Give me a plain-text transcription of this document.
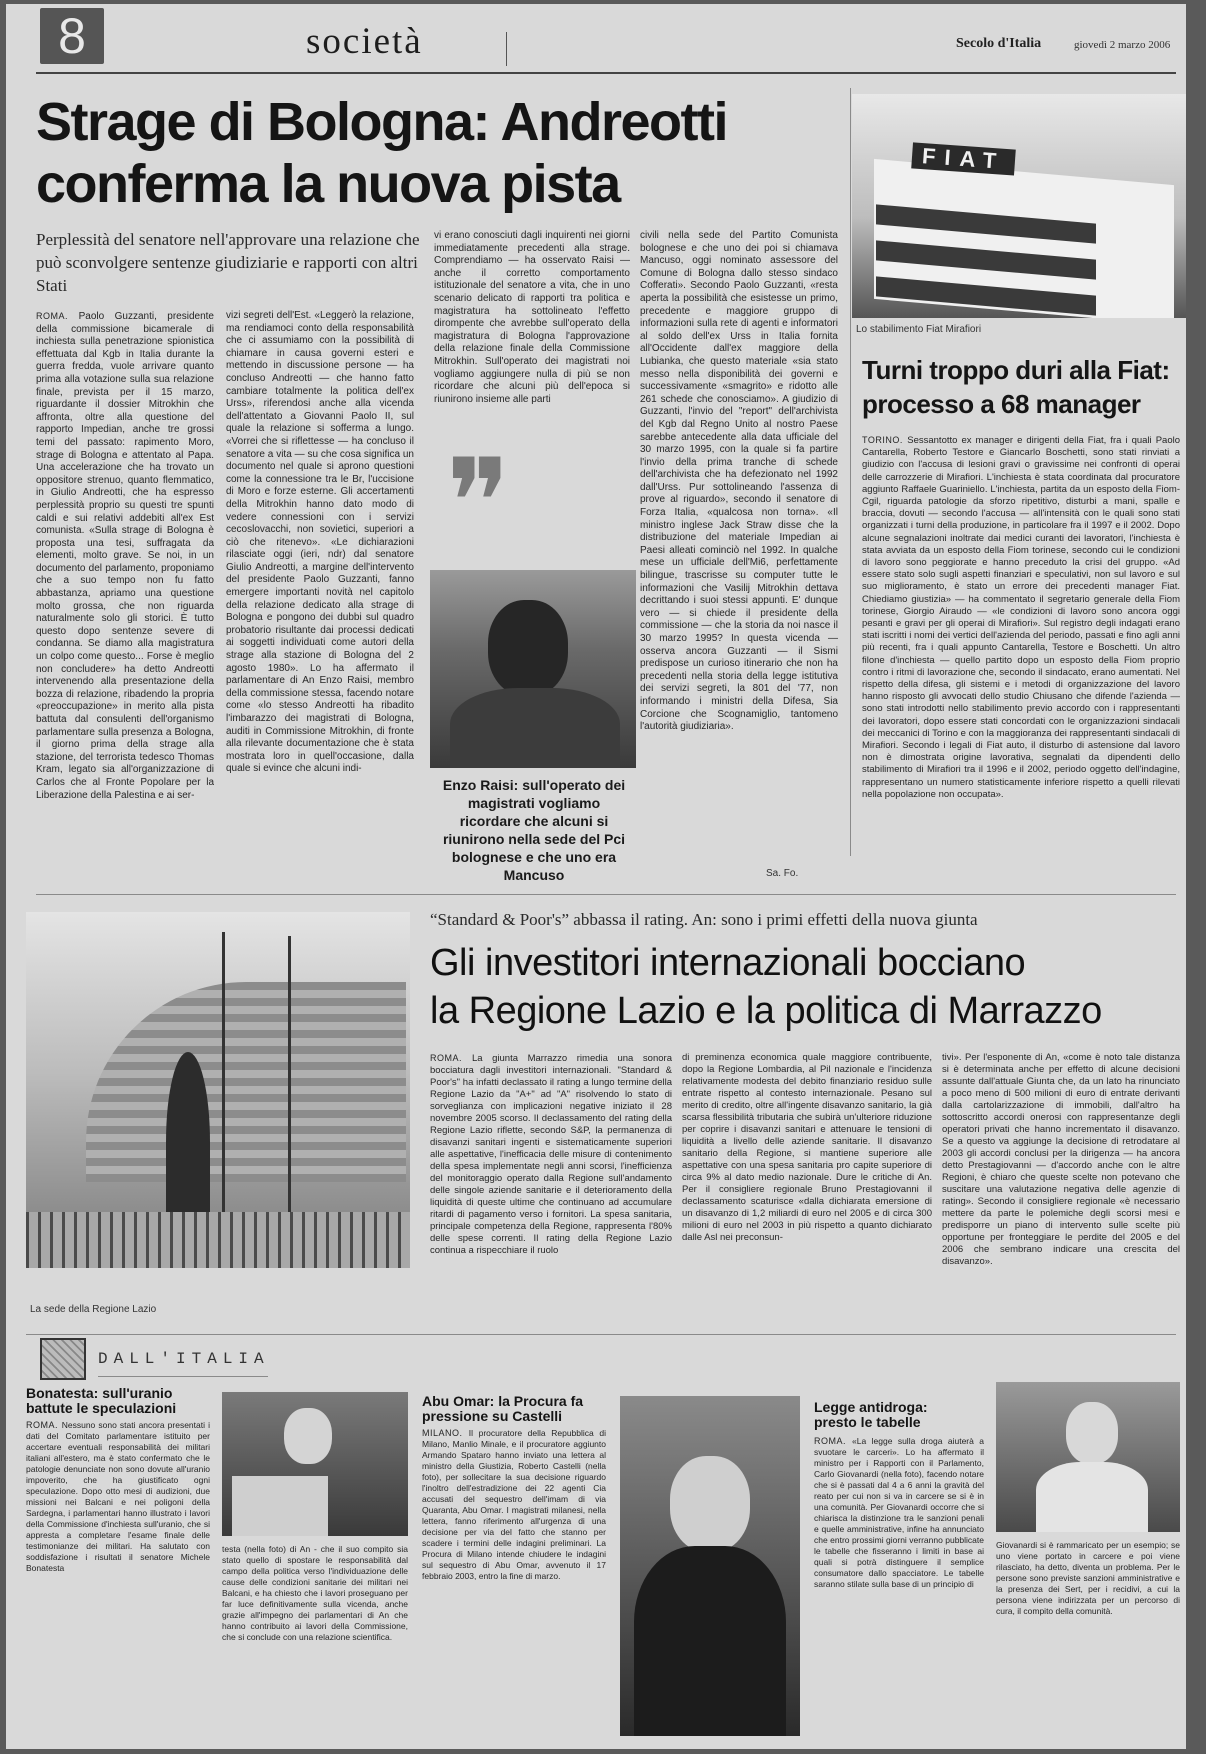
8	società	Secolo d'Italia	giovedì 2 marzo 2006
Strage di Bologna: Andreotti
conferma la nuova pista
Perplessità del senatore nell'approvare una relazione che può sconvolgere sentenze giudiziarie e rapporti con altri Stati
ROMA. Paolo Guzzanti, presidente della commissione bicamerale di inchiesta sulla penetrazione spionistica effettuata dal Kgb in Italia durante la guerra fredda, vuole arrivare quanto prima alla votazione sulla sua relazione finale, prevista per il 15 marzo, riguardante il dossier Mitrokhin che affronta, oltre alla questione del rapporto Impedian, anche tre grossi temi del passato: rapimento Moro, strage di Bologna e attentato al Papa. Una accelerazione che ha trovato un oppositore strenuo, quanto flemmatico, in Giulio Andreotti, che ha espresso perplessità proprio su questi tre spunti caldi e sui relativi addebiti all'ex Est comunista. «Sulla strage di Bologna è proposta una tesi, suffragata da elementi, molto grave. Se noi, in un documento del parlamento, proponiamo che a suo tempo non fu fatto abbastanza, apriamo una questione molto grossa, che non riguarda naturalmente solo gli storici. È tutto questo dopo sentenze severe di condanna. Se diamo alla magistratura un colpo come questo... Forse è meglio non concludere» ha detto Andreotti intervenendo alla presentazione della bozza di relazione, ribadendo la propria «preoccupazione» in merito alla pista battuta dal consulenti dell'organismo parlamentare sulla presenza a Bologna, il giorno prima della strage alla stazione, del terrorista tedesco Thomas Kram, legato sia all'organizzazione di Carlos che al Fronte Popolare per la Liberazione della Palestina e ai ser-
vizi segreti dell'Est. «Leggerò la relazione, ma rendiamoci conto della responsabilità che ci assumiamo con la possibilità di chiamare in causa governi esteri e mettendo in discussione persone — ha concluso Andreotti — che hanno fatto cambiare totalmente la politica dell'ex Urss», riferendosi anche alla vicenda dell'attentato a Giovanni Paolo II, sul quale la relazione si sofferma a lungo. «Vorrei che si riflettesse — ha concluso il senatore a vita — su che cosa significa un documento nel quale si aprono questioni come la connessione tra le Br, l'uccisione di Moro e forze esterne. Gli accertamenti della Mitrokhin hanno dato modo di vedere connessioni con i servizi cecoslovacchi, non sovietici, superiori a ciò che ritenevo». «Le dichiarazioni rilasciate oggi (ieri, ndr) dal senatore Giulio Andreotti, a margine dell'intervento del presidente Paolo Guzzanti, fanno emergere importanti novità nel capitolo della relazione dedicato alla strage di Bologna e pongono dei dubbi sul quadro probatorio risultante dai processi dedicati ai soggetti individuati come autori della strage alla stazione di Bologna del 2 agosto 1980». Lo ha affermato il parlamentare di An Enzo Raisi, membro della commissione stessa, facendo notare come «lo stesso Andreotti ha ribadito l'imbarazzo dei magistrati di Bologna, auditi in Commissione Mitrokhin, di fronte alla rilevante documentazione che è stata mostrata loro in quell'occasione, dalla quale si evince che alcuni indi-
vi erano conosciuti dagli inquirenti nei giorni immediatamente precedenti alla strage. Comprendiamo — ha osservato Raisi — anche il corretto comportamento istituzionale del senatore a vita, che in uno scenario delicato di rapporti tra politica e magistratura ha sottolineato l'effetto dirompente che avrebbe sull'operato della magistratura di Bologna l'approvazione della relazione finale della Commissione Mitrokhin. Sull'operato dei magistrati noi vogliamo aggiungere nulla di più se non ricordare che alcuni più dell'epoca si riunirono insieme alle parti
civili nella sede del Partito Comunista bolognese e che uno dei poi si chiamava Mancuso, oggi nominato assessore del Comune di Bologna dallo stesso sindaco Cofferati». Secondo Paolo Guzzanti, «resta aperta la possibilità che esistesse un primo, precedente e maggiore gruppo di informazioni sulla rete di agenti e informatori al soldo dell'ex Urss in Italia fornita all'Occidente dall'ex maggiore della Lubianka, che questo materiale «sia stato messo nella disponibilità dei governi e successivamente «smagrito» e ridotto alle 261 schede che conosciamo». A giudizio di Guzzanti, l'invio del "report" dell'archivista del Kgb dal Regno Unito al nostro Paese sarebbe antecedente alla data ufficiale del 30 marzo 1995, con la quale si fa partire l'invio della prima tranche di schede dell'archivista che ha defezionato nel 1992 dall'Urss. Pur sottolineando l'assenza di prove al riguardo», secondo il senatore di Forza Italia, «qualcosa non torna». «Il ministro inglese Jack Straw disse che la distribuzione del materiale Impedian ai Paesi alleati cominciò nel 1992. In qualche mese un ufficiale dell'Mi6, perfettamente bilingue, trascrisse su computer tutte le informazioni che Vasilij Mitrokhin dettava decrittando i suoi stessi appunti. E' dunque vero — si chiede il presidente della commissione — che la storia da noi nasce il 30 marzo 1995? In questa vicenda — osserva ancora Guzzanti — il Sismi predispose un curioso itinerario che non ha precedenti nella storia della legge istitutiva dei servizi segreti, la 801 del '77, non informando i ministri della Difesa, Sia Corcione che Scognamiglio, tantomeno l'autorità giudiziaria».
Sa. Fo.
❞
Enzo Raisi: sull'operato dei magistrati vogliamo ricordare che alcuni si riunirono nella sede del Pci bolognese e che uno era Mancuso
FIAT
Lo stabilimento Fiat Mirafiori
Turni troppo duri alla Fiat:
processo a 68 manager
TORINO. Sessantotto ex manager e dirigenti della Fiat, fra i quali Paolo Cantarella, Roberto Testore e Giancarlo Boschetti, sono stati rinviati a giudizio con l'accusa di lesioni gravi o gravissime nei confronti di operai delle carrozzerie di Mirafiori. L'inchiesta è stata coordinata dal procuratore aggiunto Raffaele Guariniello. L'inchiesta, partita da un esposto della Fiom-Cgil, riguarda patologie da sforzo ripetitivo, disturbi a mani, spalle e braccia, dovuti — secondo l'accusa — all'intensità con le quali sono stati organizzati i turni della produzione, in particolare fra il 1997 e il 2002. Dopo alcune segnalazioni inoltrate dai medici curanti dei lavoratori, l'inchiesta è stata avviata da un esposto della Fiom torinese, secondo cui le condizioni di lavoro sono peggiorate e hanno preceduto la crisi del gruppo. «Ad essere stato solo sugli aspetti finanziari e speculativi, non sul lavoro e sul suo miglioramento, è stato un errore dei precedenti manager Fiat. Chiediamo giustizia» — ha commentato il segretario generale della Fiom torinese, Giorgio Airaudo — «le condizioni di lavoro sono ancora oggi pesanti e gravi per gli operai di Mirafiori». Sul registro degli indagati erano stati iscritti i nomi dei vertici dell'azienda del periodo, passati e fino agli anni più recenti, fra i quali appunto Cantarella, Testore e Boschetti. Un altro filone d'inchiesta — quello partito dopo un esposto della Fiom proprio contro i ritmi di lavorazione che, secondo il sindacato, erano aumentati. Nel rispetto della difesa, gli sistemi e i metodi di organizzazione del lavoro hanno risposto gli avvocati dello studio Chiusano che difende l'azienda — sono stati introdotti nello stabilimento previo accordo con i rappresentanti dei lavoratori, dopo essere stati concordati con le organizzazioni sindacali dei meccanici di Torino e con la maggioranza dei rappresentanti sindacali di Mirafiori. Secondo i legali di Fiat auto, il disturbo di astensione dal lavoro non è dimostrata origine lavorativa, segnalati da dipendenti dello stabilimento di Mirafiori tra il 1996 e il 2002, periodo oggetto dell'indagine, rappresentano un numero statisticamente inferiore rispetto a quelli rilevati nella popolazione non occupata».
La sede della Regione Lazio
“Standard & Poor's” abbassa il rating. An: sono i primi effetti della nuova giunta
Gli investitori internazionali bocciano
la Regione Lazio e la politica di Marrazzo
ROMA. La giunta Marrazzo rimedia una sonora bocciatura dagli investitori internazionali. "Standard & Poor's" ha infatti declassato il rating a lungo termine della Regione Lazio da "A+" ad "A" risolvendo lo stato di sorveglianza con implicazioni negative iniziato il 28 novembre 2005 scorso. Il declassamento del rating della Regione Lazio riflette, secondo S&P, la permanenza di disavanzi sanitari ingenti e sistematicamente superiori alle aspettative, l'inefficacia delle misure di contenimento della spesa implementate negli anni scorsi, l'inefficienza del monitoraggio operato dalla Regione sull'andamento delle singole aziende sanitarie e il deterioramento della liquidità di queste ultime che continuano ad accumulare ritardi di pagamento verso i fornitori. La spesa sanitaria, principale competenza della Regione, rappresenta l'80% delle spese correnti. Il rating della Regione Lazio continua a rispecchiare il ruolo
di preminenza economica quale maggiore contribuente, dopo la Regione Lombardia, al Pil nazionale e l'incidenza relativamente modesta del debito finanziario residuo sulle entrate rispetto al contesto internazionale. Pesano sul merito di credito, oltre all'ingente disavanzo sanitario, la già scarsa flessibilità tributaria che subirà un'ulteriore riduzione per coprire i disavanzi sanitari e attenuare le tensioni di liquidità a livello delle aziende sanitarie. Il disavanzo sanitario della Regione, si mantiene superiore alle aspettative con una spesa sanitaria pro capite superiore di circa 9% al dato medio nazionale. Dure le critiche di An. Per il consigliere regionale Bruno Prestagiovanni il declassamento scaturisce «dalla dichiarata emersione di un disavanzo di 1,2 miliardi di euro nel 2005 e di circa 300 milioni di euro nel 2003 in più rispetto a quanto dichiarato dalle Asl nei preconsun-
tivi». Per l'esponente di An, «come è noto tale distanza si è determinata anche per effetto di alcune decisioni assunte dall'attuale Giunta che, da un lato ha rinunciato a poco meno di 500 milioni di euro di entrate derivanti dalla cartolarizzazione di immobili, dall'altro ha sottoscritto accordi onerosi con rappresentanze degli operatori privati che hanno incrementato il disavanzo. Se a questo va aggiunge la decisione di retrodatare al 2003 gli accordi conclusi per la dirigenza — ha ancora detto Prestagiovanni — d'accordo anche con le altre Regioni, è chiaro che queste scelte non potevano che suscitare una valutazione negativa delle agenzie di rating». Secondo il consigliere regionale «è necessario mettere da parte le polemiche degli scorsi mesi e predisporre un piano di intervento sulle scelte più opportune per fronteggiare le perdite del 2005 e del 2006 che sembrano indicare una crescita del disavanzo».
DALL'ITALIA
Bonatesta: sull'uranio battute le speculazioni
ROMA. Nessuno sono stati ancora presentati i dati del Comitato parlamentare istituito per accertare eventuali responsabilità dei militari italiani all'estero, ma è stato confermato che le patologie denunciate non sono dovute all'uranio impoverito, che ha giustificato ogni speculazione. Dopo otto mesi di audizioni, due missioni nei Balcani e nei poligoni della Sardegna, i parlamentari hanno illustrato i lavori della Commissione d'inchiesta sull'uranio, che si appresta a completare l'esame finale delle testimonianze dei militari. Ha salutato con soddisfazione i risultati il senatore Michele Bonatesta
testa (nella foto) di An - che il suo compito sia stato quello di spostare le responsabilità dal campo della politica verso l'individuazione delle cause delle condizioni sanitarie dei militari nei Balcani, e ha chiesto che i lavori proseguano per far luce definitivamente sulla vicenda, anche grazie all'impegno dei parlamentari di An che hanno contribuito ai lavori della Commissione, che si conclude con una relazione scientifica.
Abu Omar: la Procura fa pressione su Castelli
MILANO. Il procuratore della Repubblica di Milano, Manlio Minale, e il procuratore aggiunto Armando Spataro hanno inviato una lettera al ministro della Giustizia, Roberto Castelli (nella foto), per sollecitare la sua decisione riguardo l'inoltro dell'estradizione dei 22 agenti Cia accusati del sequestro dell'imam di via Quaranta, Abu Omar. I magistrati milanesi, nella lettera, fanno riferimento all'urgenza di una decisione per via del fatto che stanno per scadere i termini delle indagini preliminari. La Procura di Milano intende chiudere le indagini sul sequestro di Abu Omar, avvenuto il 17 febbraio 2003, entro la fine di marzo.
Legge antidroga: presto le tabelle
ROMA. «La legge sulla droga aiuterà a svuotare le carceri». Lo ha affermato il ministro per i Rapporti con il Parlamento, Carlo Giovanardi (nella foto), facendo notare che si è passati dal 4 a 6 anni la gravità del reato per cui non si va in carcere se si è in una comunità. Per Giovanardi occorre che si chiarisca la distinzione tra le sanzioni penali e quelle amministrative, infine ha annunciato che entro prossimi giorni verranno pubblicate le tabelle che fisseranno i limiti in base ai quali si potrà distinguere il semplice consumatore dallo spacciatore. Le tabelle saranno stilate sulla base di un principio di
Giovanardi si è rammaricato per un esempio; se uno viene portato in carcere e poi viene rilasciato, ha detto, diventa un problema. Per le persone sono previste sanzioni amministrative e la presenza dei Sert, per i recidivi, a cui la persona viene indirizzata per un percorso di cura, il compito della comunità.
